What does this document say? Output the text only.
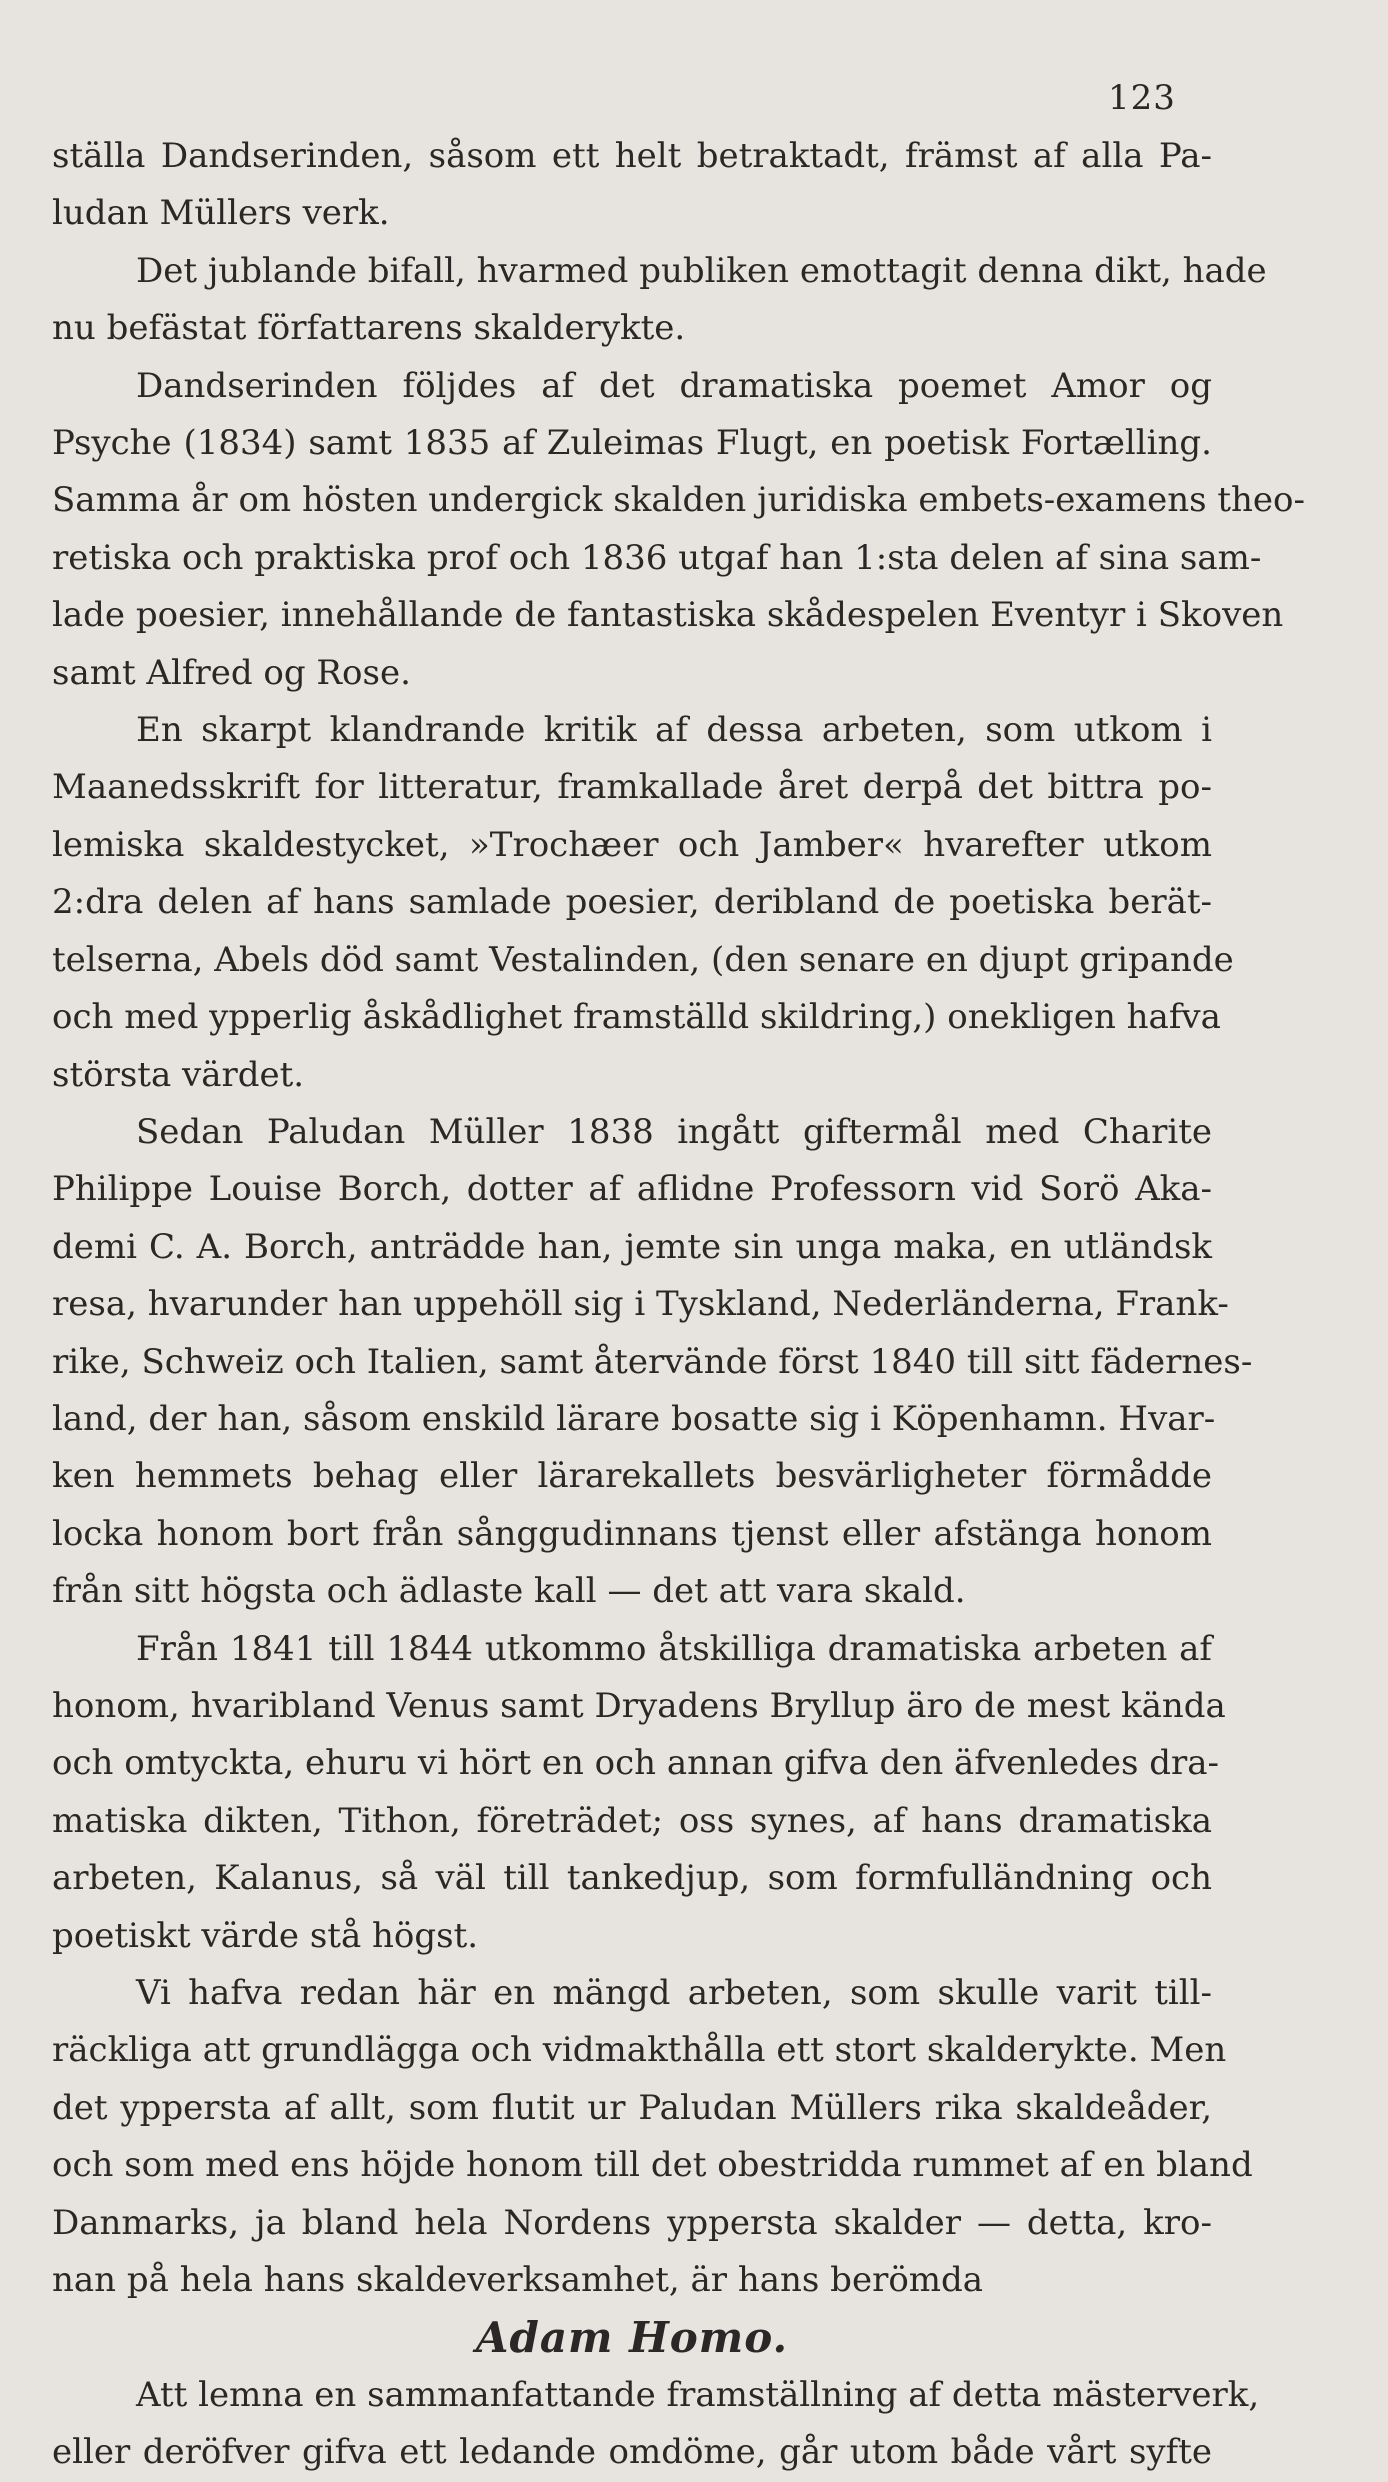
123
ställa Dandserinden, såsom ett helt betraktadt, främst af alla Pa-
ludan Müllers verk.
Det jublande bifall, hvarmed publiken emottagit denna dikt, hade
nu befästat författarens skalderykte.
Dandserinden följdes af det dramatiska poemet Amor og
Psyche (1834) samt 1835 af Zuleimas Flugt, en poetisk Fortælling.
Samma år om hösten undergick skalden juridiska embets-examens theo-
retiska och praktiska prof och 1836 utgaf han 1:sta delen af sina sam-
lade poesier, innehållande de fantastiska skådespelen Eventyr i Skoven
samt Alfred og Rose.
En skarpt klandrande kritik af dessa arbeten, som utkom i
Maanedsskrift for litteratur, framkallade året derpå det bittra po-
lemiska skaldestycket, »Trochæer och Jamber« hvarefter utkom
2:dra delen af hans samlade poesier, deribland de poetiska berät-
telserna, Abels död samt Vestalinden, (den senare en djupt gripande
och med ypperlig åskådlighet framställd skildring,) onekligen hafva
största värdet.
Sedan Paludan Müller 1838 ingått giftermål med Charite
Philippe Louise Borch, dotter af aflidne Professorn vid Sorö Aka-
demi C. A. Borch, anträdde han, jemte sin unga maka, en utländsk
resa, hvarunder han uppehöll sig i Tyskland, Nederländerna, Frank-
rike, Schweiz och Italien, samt återvände först 1840 till sitt fädernes-
land, der han, såsom enskild lärare bosatte sig i Köpenhamn. Hvar-
ken hemmets behag eller lärarekallets besvärligheter förmådde
locka honom bort från sånggudinnans tjenst eller afstänga honom
från sitt högsta och ädlaste kall — det att vara skald.
Från 1841 till 1844 utkommo åtskilliga dramatiska arbeten af
honom, hvaribland Venus samt Dryadens Bryllup äro de mest kända
och omtyckta, ehuru vi hört en och annan gifva den äfvenledes dra-
matiska dikten, Tithon, företrädet; oss synes, af hans dramatiska
arbeten, Kalanus, så väl till tankedjup, som formfulländning och
poetiskt värde stå högst.
Vi hafva redan här en mängd arbeten, som skulle varit till-
räckliga att grundlägga och vidmakthålla ett stort skalderykte. Men
det yppersta af allt, som flutit ur Paludan Müllers rika skaldeåder,
och som med ens höjde honom till det obestridda rummet af en bland
Danmarks, ja bland hela Nordens yppersta skalder — detta, kro-
nan på hela hans skaldeverksamhet, är hans berömda
Adam Homo.
Att lemna en sammanfattande framställning af detta mästerverk,
eller deröfver gifva ett ledande omdöme, går utom både vårt syfte
